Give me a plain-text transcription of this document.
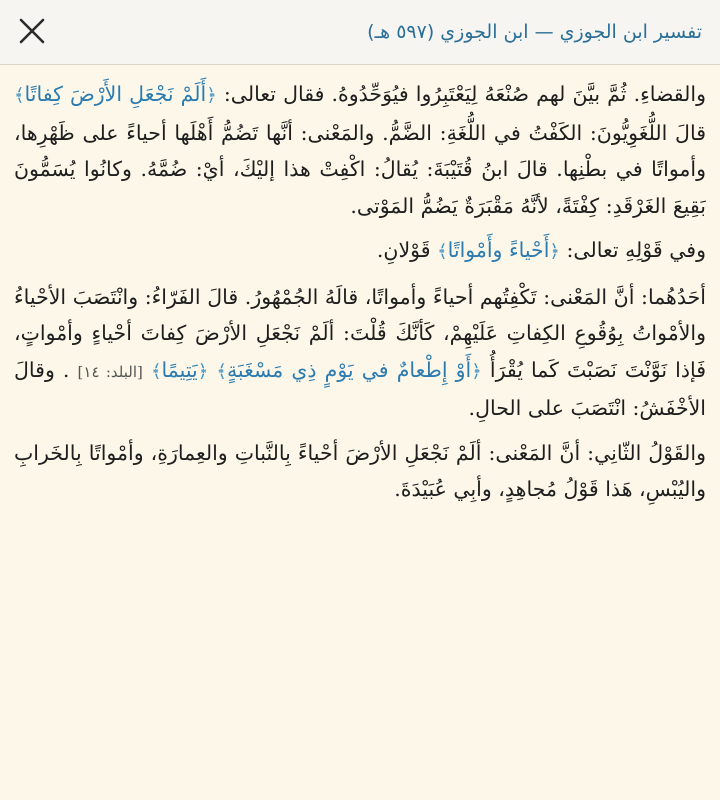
تفسير ابن الجوزي — ابن الجوزي (٥٩٧ هـ)

والقضاءِ. ثُمَّ بيَّنَ لهم صُنْعَهُ لِيَعْتَبِرُوا فيُوَحِّدُوهُ. فقال تعالى: ﴿أَلَمْ نَجْعَلِ الأَرْضَ كِفاتًا﴾ قالَ اللُّغَوِيُّونَ: الكَفْتُ في اللُّغَةِ: الضَّمُّ. والمَعْنى: أنَّها تَضُمُّ أَهْلَها أحياءً على ظَهْرِها، وأمواتًا في بطْنِها. قالَ ابنُ قُتَيْبَةَ: يُقالُ: اكْفِتْ هذا إليْكَ، أيْ: ضُمَّهُ. وكانُوا يُسَمُّونَ بَقِيعَ الغَرْقَدِ: كِفْتَةً، لأنَّهُ مَقْبَرَةٌ يَضُمُّ المَوْتى.

وفي قَوْلِهِ تعالى: ﴿أَحْياءً وأَمْواتًا﴾ قَوْلانِ.

أحَدُهُما: أنَّ المَعْنى: تَكْفِتُهم أحياءً وأمواتًا، قالَهُ الجُمْهُورُ. قالَ الفَرّاءُ: وانْتَصَبَ الأحْياءُ والأمْواتُ بِوُقُوعِ الكِفاتِ عَلَيْهِمْ، كَأنَّكَ قُلْتَ: ألَمْ نَجْعَلِ الأرْضَ كِفاتَ أحْياءٍ وأمْواتٍ، فَإذا نَوَّنْتَ نَصَبْتَ كَما يُقْرَأُ ﴿أَوْ إِطْعامٌ في يَوْمٍ ذِي مَسْغَبَةٍ﴾ ﴿يَتِيمًا﴾ [البلد: ١٤] . وقالَ الأخْفَشُ: انْتَصَبَ على الحالِ.

والقَوْلُ الثّانِي: أنَّ المَعْنى: ألَمْ نَجْعَلِ الأرْضَ أحْياءً بِالنَّباتِ والعِمارَةِ، وأمْواتًا بِالخَرابِ واليُبْسِ، هَذا قَوْلُ مُجاهِدٍ، وأبِي عُبَيْدَةَ.
